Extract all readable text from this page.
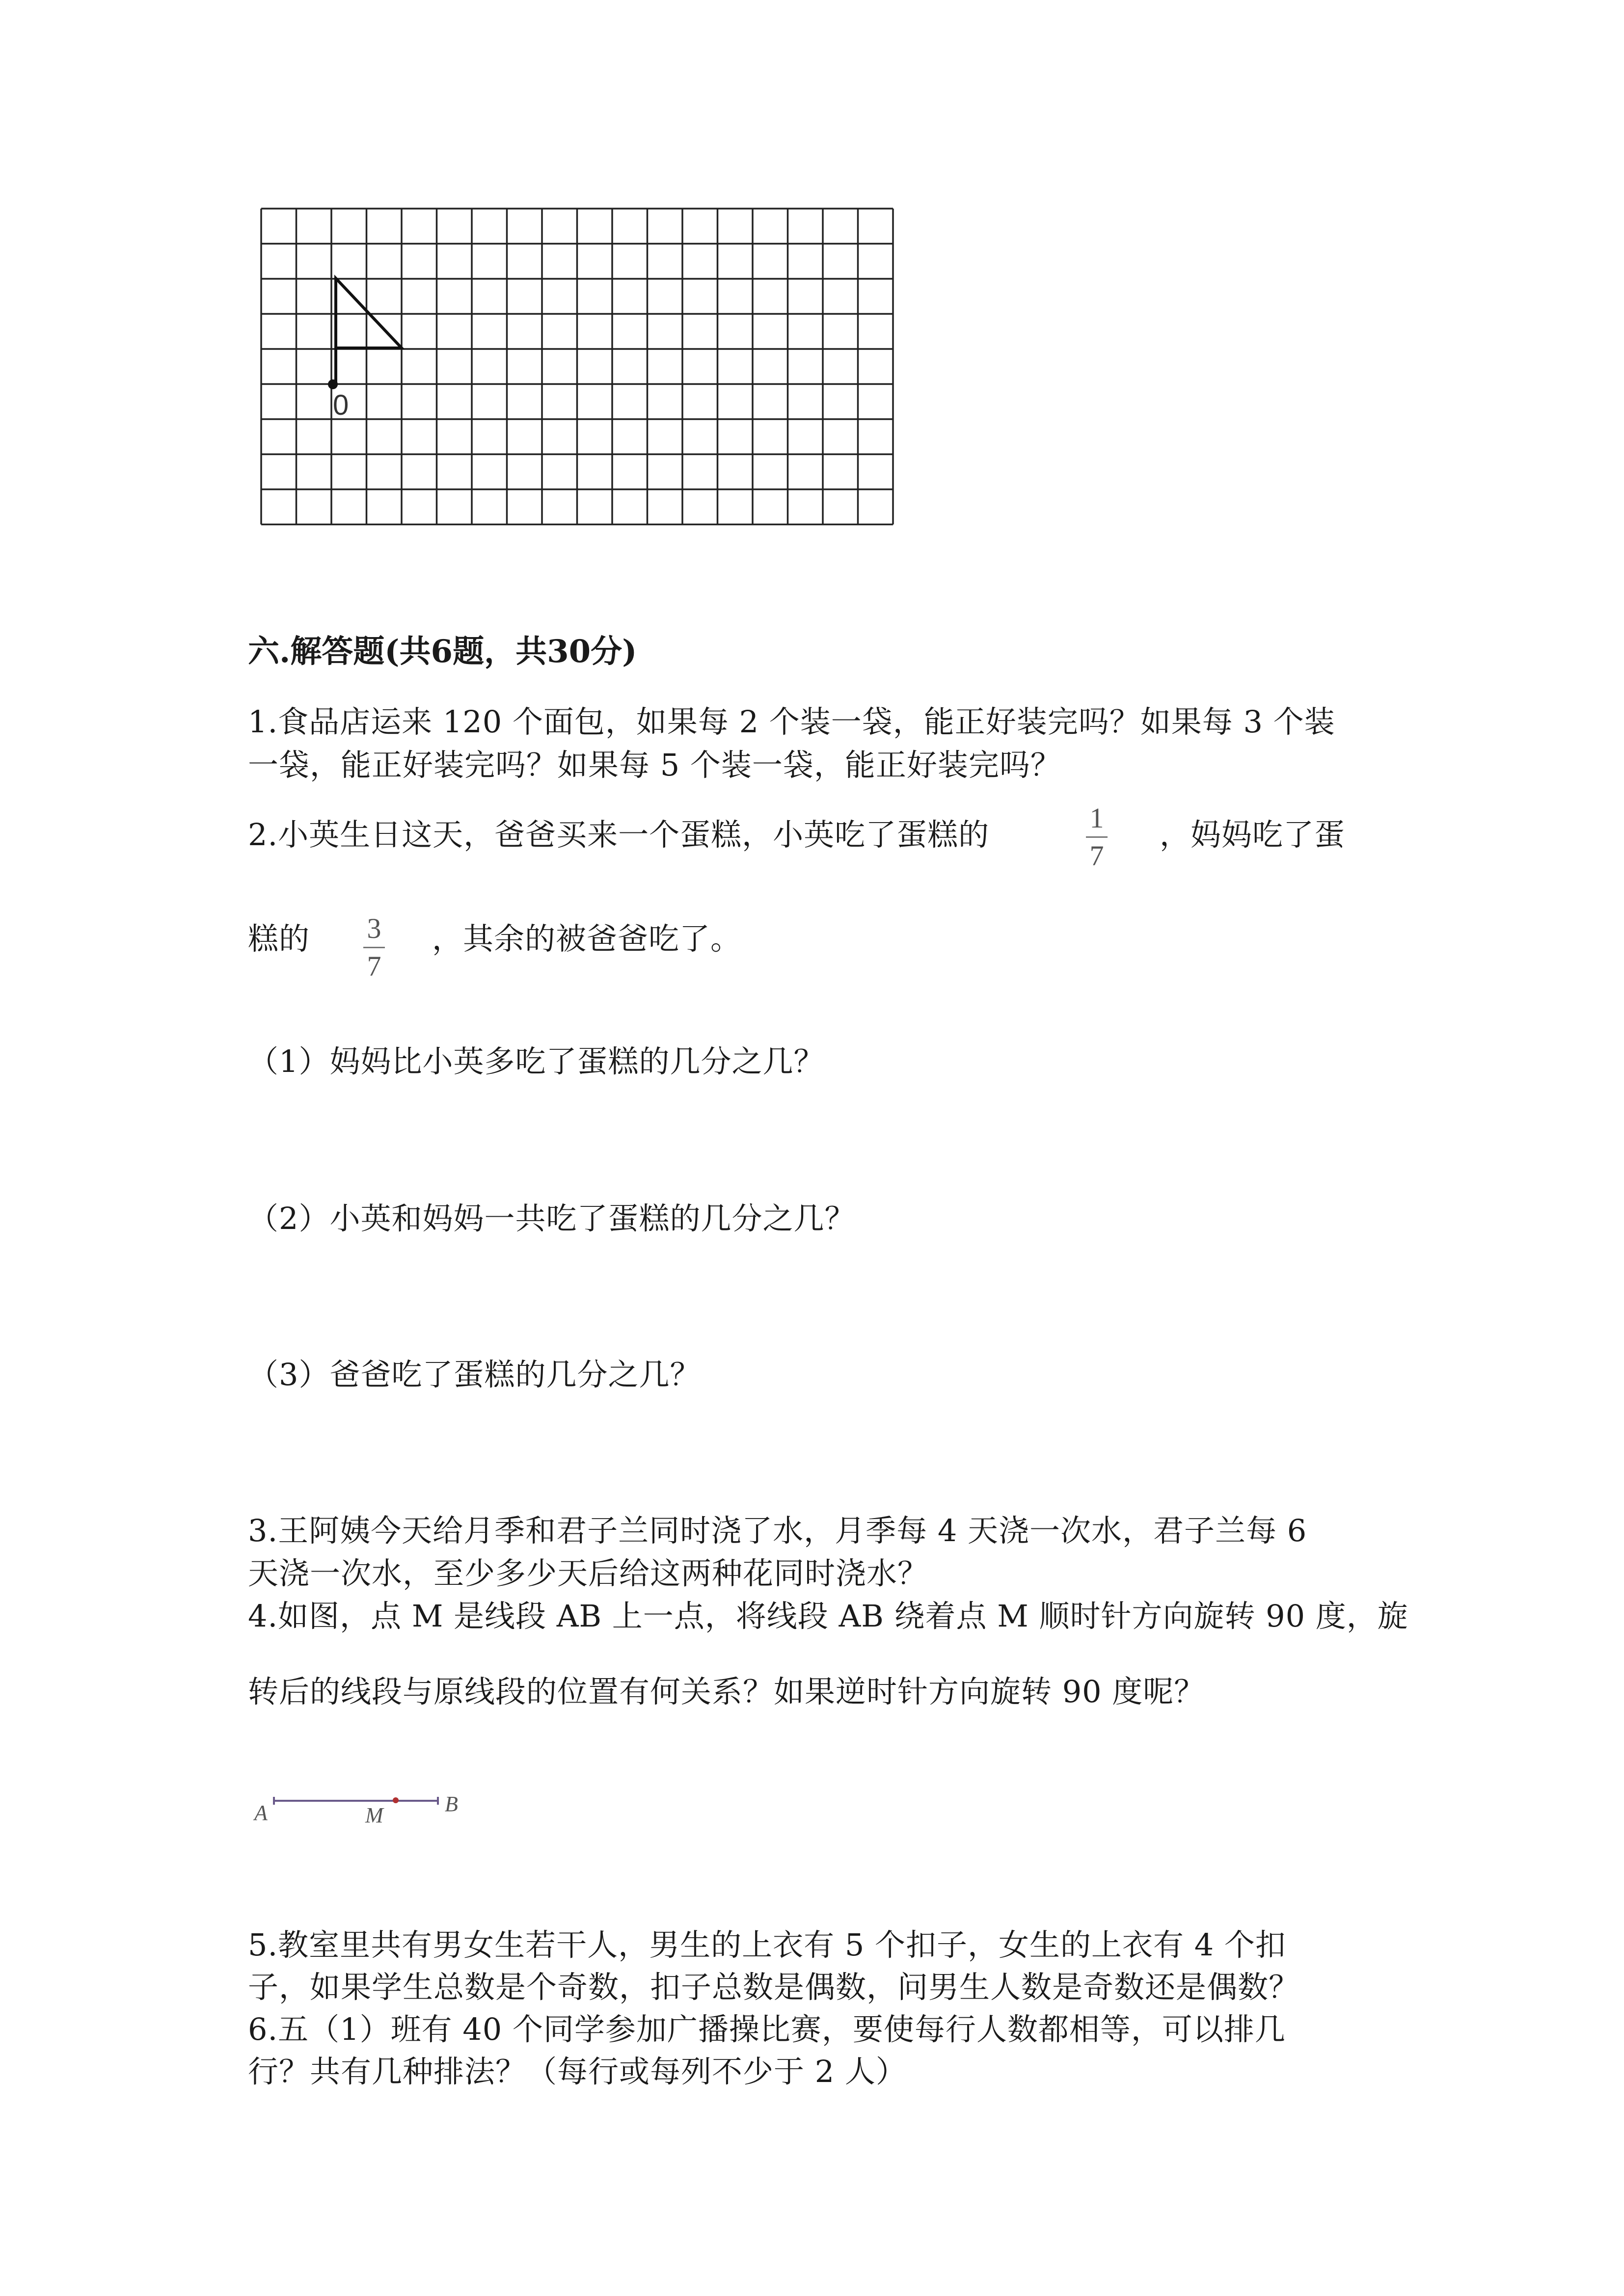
0
六.解答题(共6题，共30分)
1.食品店运来 120 个面包，如果每 2 个装一袋，能正好装完吗？如果每 3 个装
一袋，能正好装完吗？如果每 5 个装一袋，能正好装完吗？
2.小英生日这天，爸爸买来一个蛋糕，小英吃了蛋糕的	1
7
，妈妈吃了蛋
糕的 3
7
，其余的被爸爸吃了。
（1）妈妈比小英多吃了蛋糕的几分之几？
（2）小英和妈妈一共吃了蛋糕的几分之几？
（3）爸爸吃了蛋糕的几分之几？
3.王阿姨今天给月季和君子兰同时浇了水，月季每 4 天浇一次水，君子兰每 6
天浇一次水，至少多少天后给这两种花同时浇水？
4.如图，点 M 是线段 AB 上一点，将线段 AB 绕着点 M 顺时针方向旋转 90 度，旋
转后的线段与原线段的位置有何关系？如果逆时针方向旋转 90 度呢？
A	M	B
5.教室里共有男女生若干人，男生的上衣有 5 个扣子，女生的上衣有 4 个扣
子，如果学生总数是个奇数，扣子总数是偶数，问男生人数是奇数还是偶数？
6.五（1）班有 40 个同学参加广播操比赛，要使每行人数都相等，可以排几
行？共有几种排法？（每行或每列不少于 2 人）
